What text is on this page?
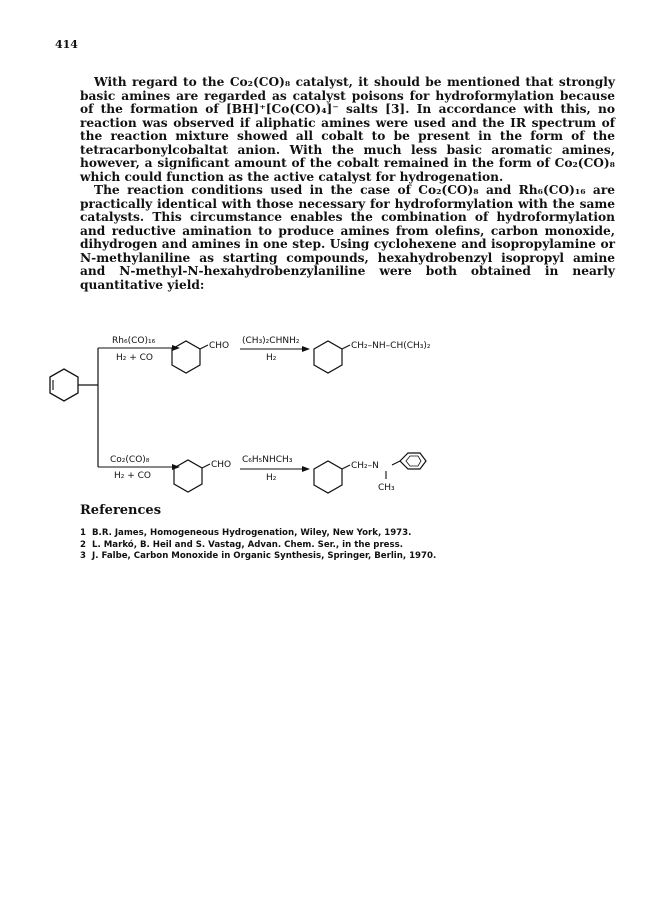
414

With regard to the Co₂(CO)₈ catalyst, it should be mentioned that strongly basic amines are regarded as catalyst poisons for hydroformylation because of the formation of [BH]⁺[Co(CO)₄]⁻ salts [3]. In accordance with this, no reaction was observed if aliphatic amines were used and the IR spectrum of the reaction mixture showed all cobalt to be present in the form of the tetracarbonylcobaltat anion. With the much less basic aromatic amines, however, a significant amount of the cobalt remained in the form of Co₂(CO)₈ which could function as the active catalyst for hydrogenation.

The reaction conditions used in the case of Co₂(CO)₈ and Rh₆(CO)₁₆ are practically identical with those necessary for hydroformylation with the same catalysts. This circumstance enables the combination of hydroformylation and reductive amination to produce amines from olefins, carbon monoxide, dihydrogen and amines in one step. Using cyclohexene and isopropylamine or N-methylaniline as starting compounds, hexahydrobenzyl isopropyl amine and N-methyl-N-hexahydrobenzylaniline were both obtained in nearly quantitative yield:

Rh₆(CO)₁₆
H₂ + CO
CHO (CH₃)₂CHNH₂
H₂
CH₂–NH–CH(CH₃)₂
Co₂(CO)₈
H₂ + CO
CHO C₆H₅NHCH₃
H₂
CH₂–N
CH₃
References
1 B.R. James, Homogeneous Hydrogenation, Wiley, New York, 1973.
2 L. Markó, B. Heil and S. Vastag, Advan. Chem. Ser., in the press.
3 J. Falbe, Carbon Monoxide in Organic Synthesis, Springer, Berlin, 1970.
